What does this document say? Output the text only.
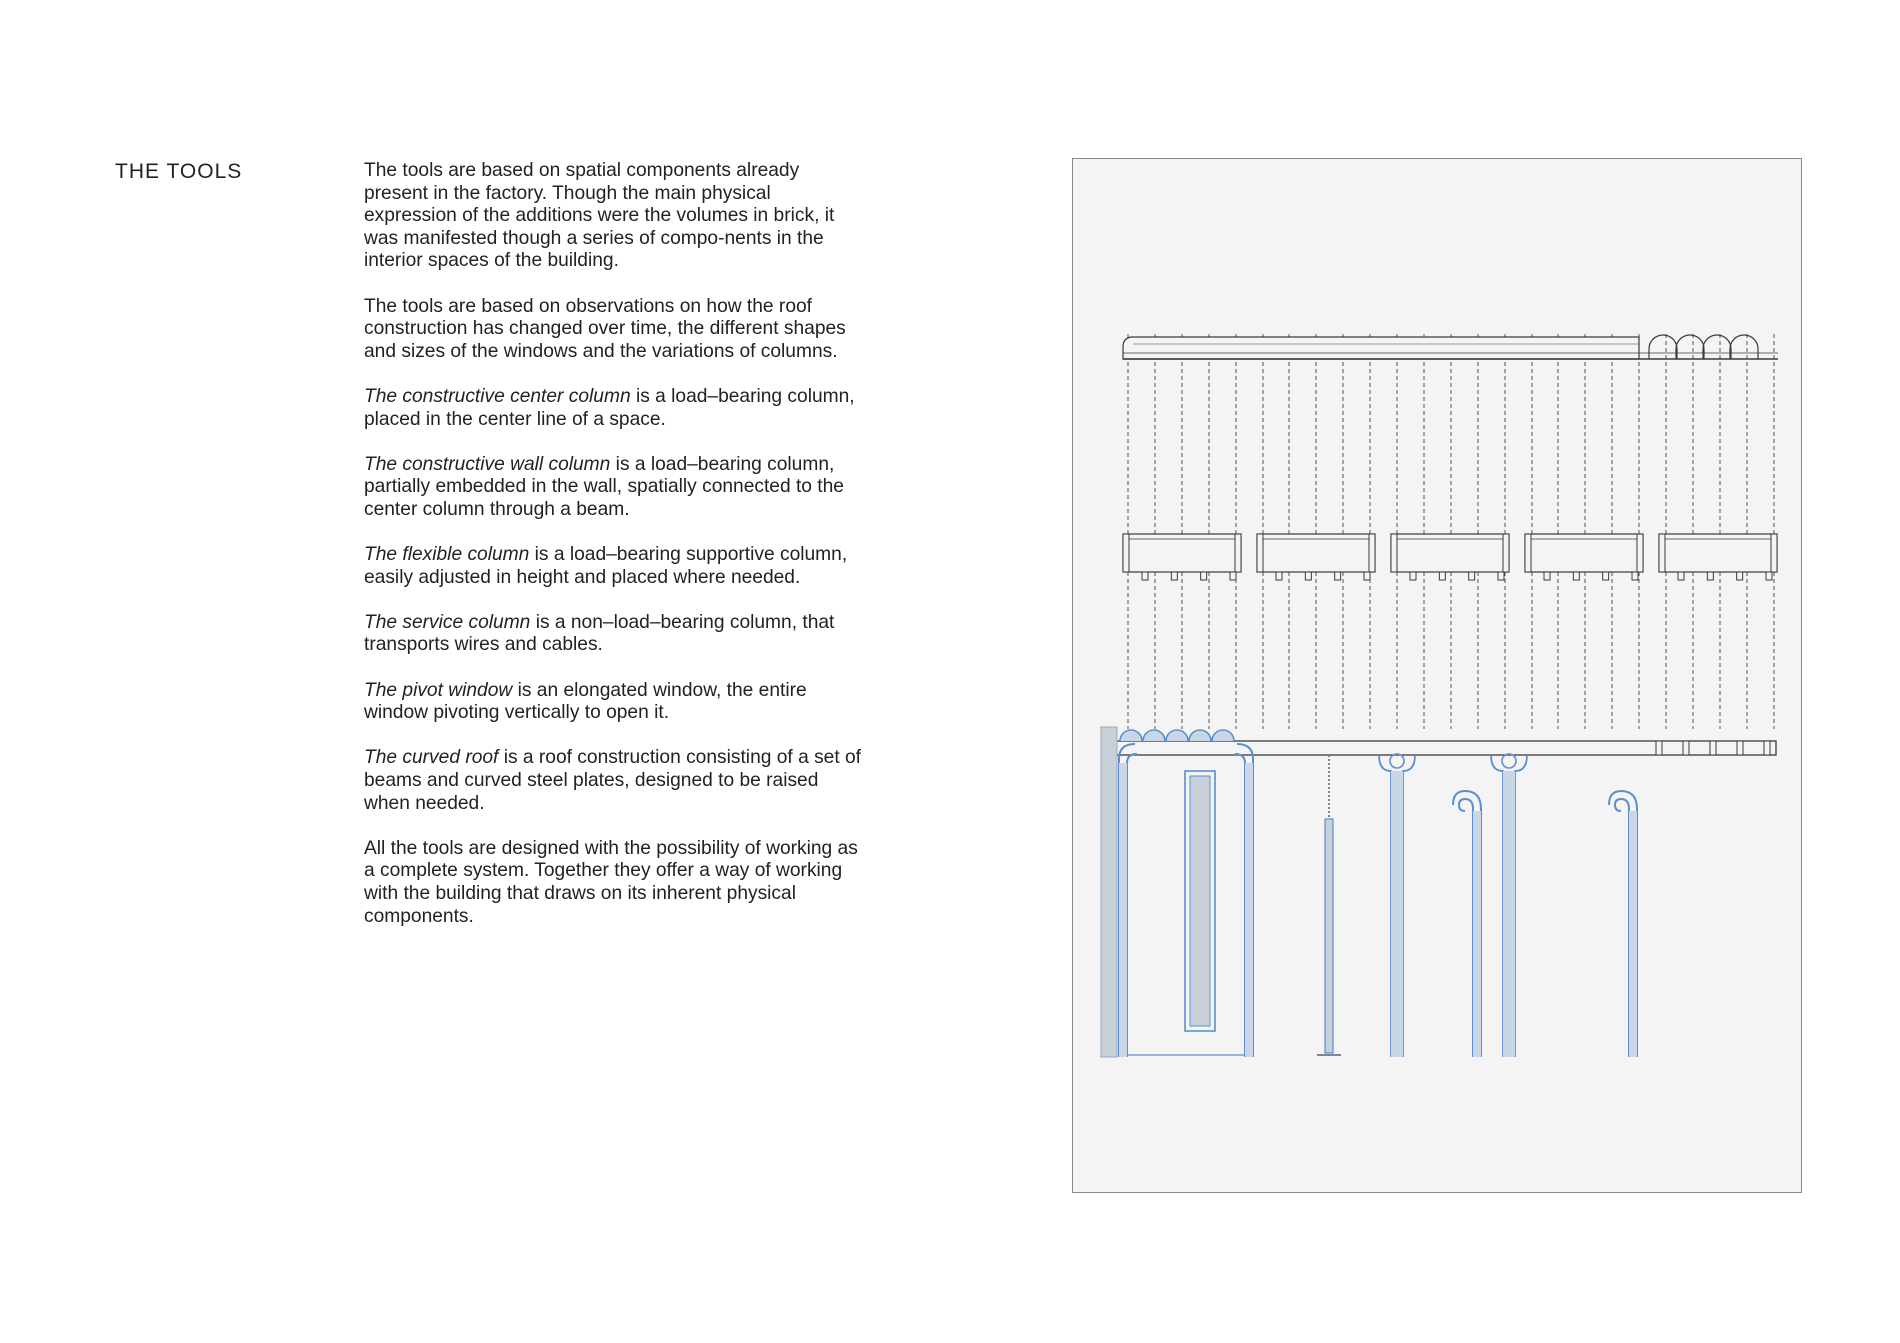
THE TOOLS	The tools are based on spatial components already present in the factory. Though the main physical expression of the additions were the volumes in brick, it was manifested though a series of compo-nents in the interior spaces of the building.

The tools are based on observations on how the roof construction has changed over time, the different shapes and sizes of the windows and the variations of columns.

The constructive center column is a load–bearing column, placed in the center line of a space.

The constructive wall column is a load–bearing column, partially embedded in the wall, spatially connected to the center column through a beam.

The flexible column is a load–bearing supportive column, easily adjusted in height and placed where needed.

The service column is a non–load–bearing column, that transports wires and cables.

The pivot window is an elongated window, the entire window pivoting vertically to open it.

The curved roof is a roof construction consisting of a set of beams and curved steel plates, designed to be raised when needed.

All the tools are designed with the possibility of working as a complete system. Together they offer a way of working with the building that draws on its inherent physical components.
